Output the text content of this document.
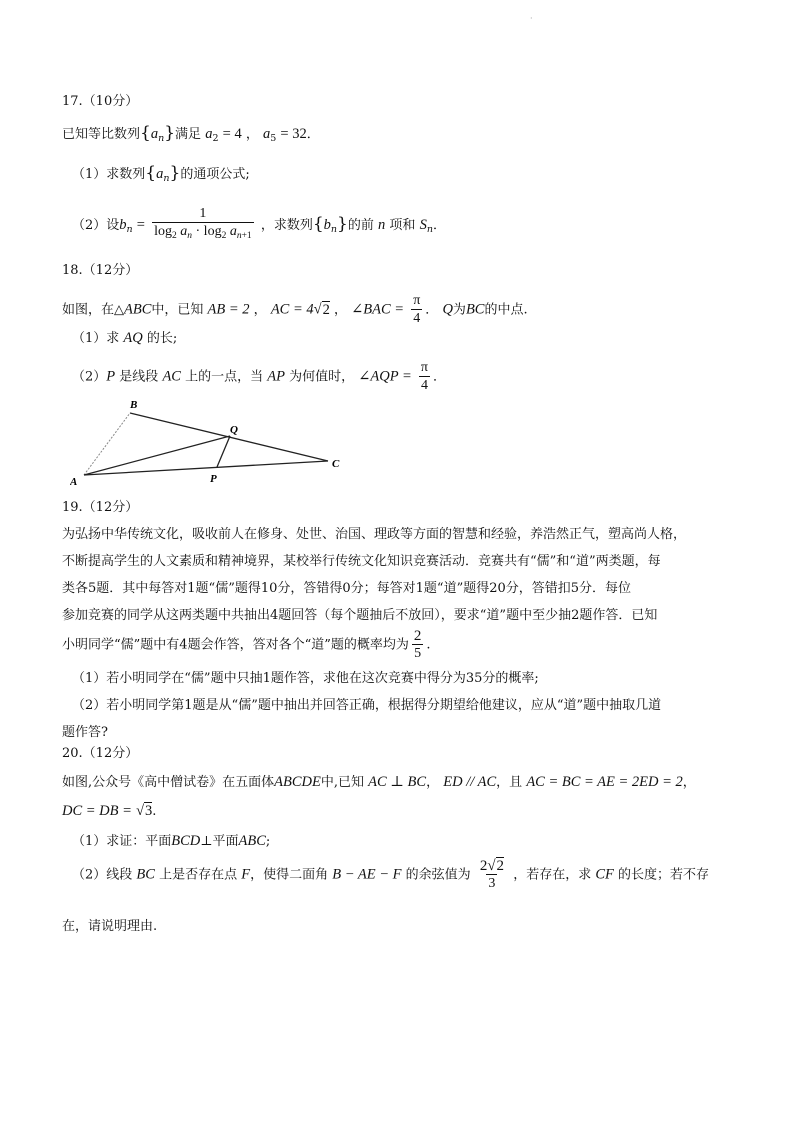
·
17.（10分）
已知等比数列$\{a_n\}$满足 $a_2 = 4$ ， $a_5 = 32$．
（1）求数列$\{a_n\}$的通项公式;
（2）设$b_n = \frac{1}{\log_2 a_n \cdot \log_2 a_{n+1}}$ ，求数列$\{b_n\}$的前 n 项和 $S_n$．
18.（12分）
如图，在△ABC中，已知 AB = 2 ， AC = 4√2 ， ∠BAC = $\frac{\pi}{4}$ ． Q为BC的中点.
（1）求 AQ 的长;
（2）P 是线段 AC 上的一点，当 AP 为何值时， ∠AQP = $\frac{\pi}{4}$ ．
B
Q
C
A	P
19.（12分）
为弘扬中华传统文化，吸收前人在修身、处世、治国、理政等方面的智慧和经验，养浩然正气，塑高尚人格，
不断提高学生的人文素质和精神境界，某校举行传统文化知识竞赛活动．竞赛共有“儒”和“道”两类题，每
类各5题．其中每答对1题“儒”题得10分，答错得0分；每答对1题“道”题得20分，答错扣5分．每位
参加竞赛的同学从这两类题中共抽出4题回答（每个题抽后不放回），要求“道”题中至少抽2题作答．已知
小明同学“儒”题中有4题会作答，答对各个“道”题的概率均为 $\frac{2}{5}$ .
（1）若小明同学在“儒”题中只抽1题作答，求他在这次竞赛中得分为35分的概率;
（2）若小明同学第1题是从“儒”题中抽出并回答正确，根据得分期望给他建议，应从“道”题中抽取几道
题作答?
20.（12分）
如图,公众号《高中僧试卷》在五面体ABCDE中,已知 AC ⊥ BC， ED // AC，且 AC = BC = AE = 2ED = 2，
DC = DB = √3.
（1）求证：平面BCD⊥平面ABC;
（2）线段 BC 上是否存在点 F，使得二面角 B − AE − F 的余弦值为 $\frac{2√2}{3}$ ，若存在，求 CF 的长度；若不存
在，请说明理由.
